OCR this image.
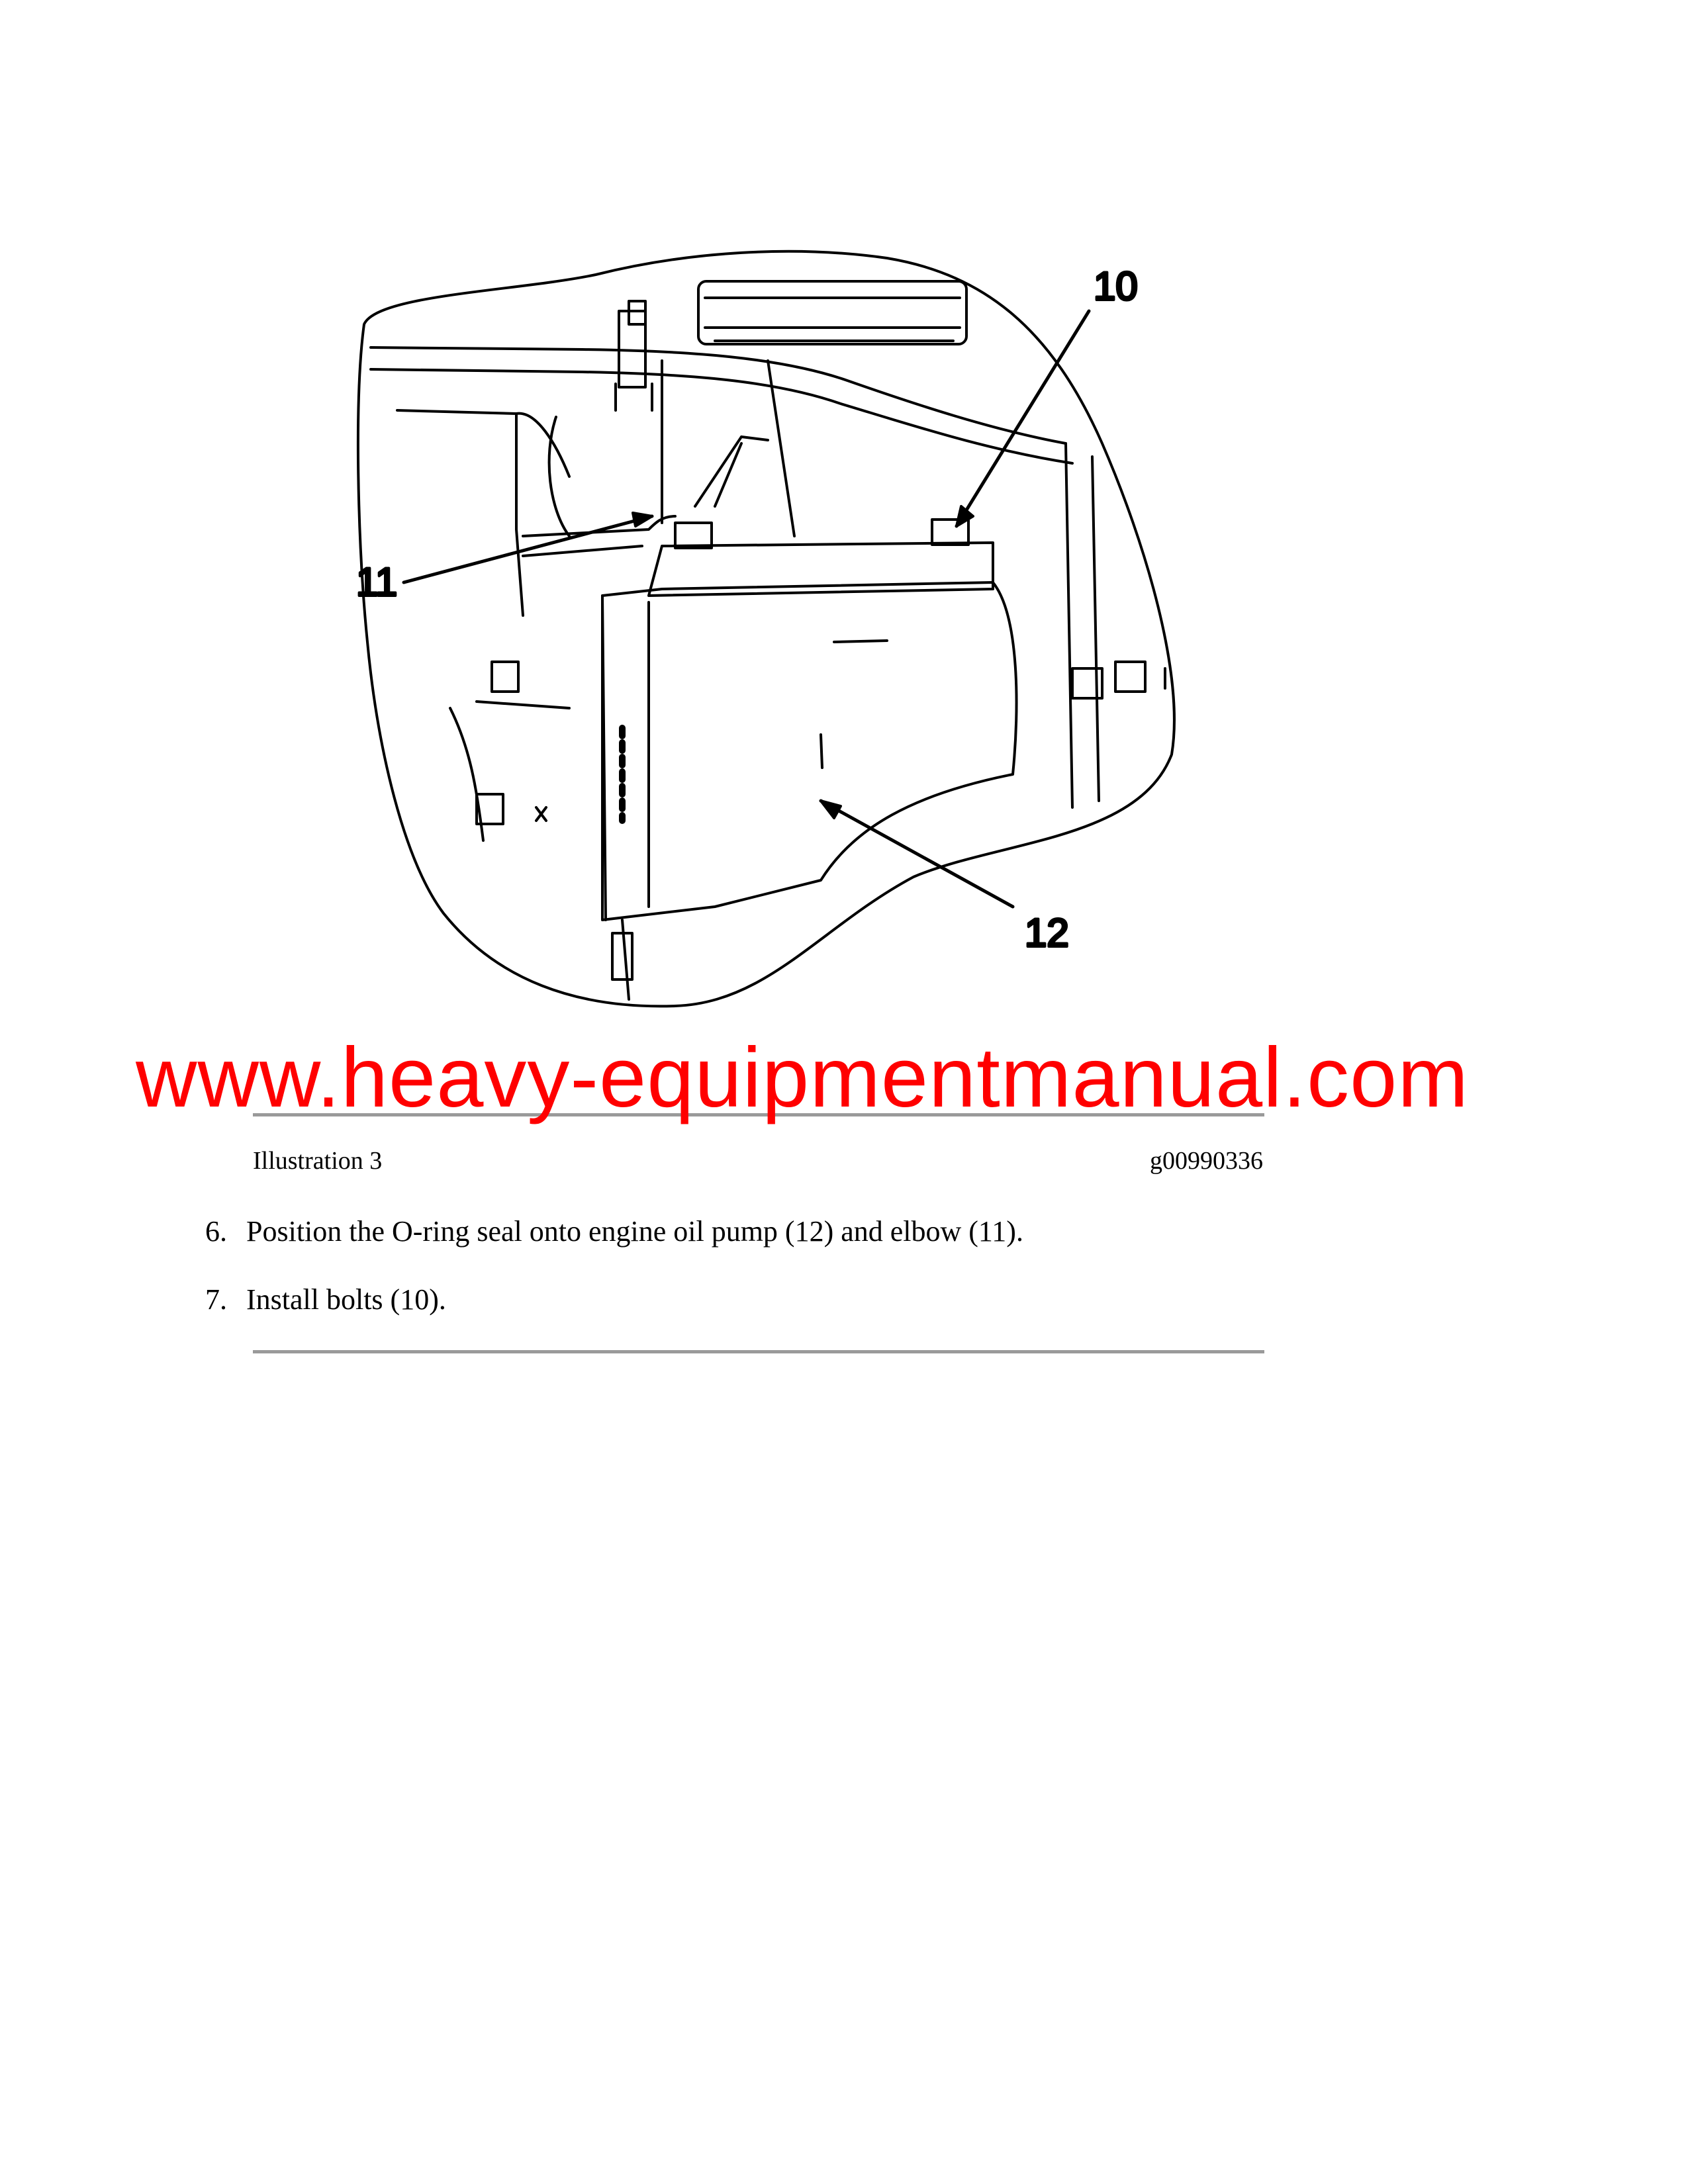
10
11
12
www.heavy-equipmentmanual.com
Illustration 3	g00990336
6. Position the O-ring seal onto engine oil pump (12) and elbow (11).
7. Install bolts (10).
